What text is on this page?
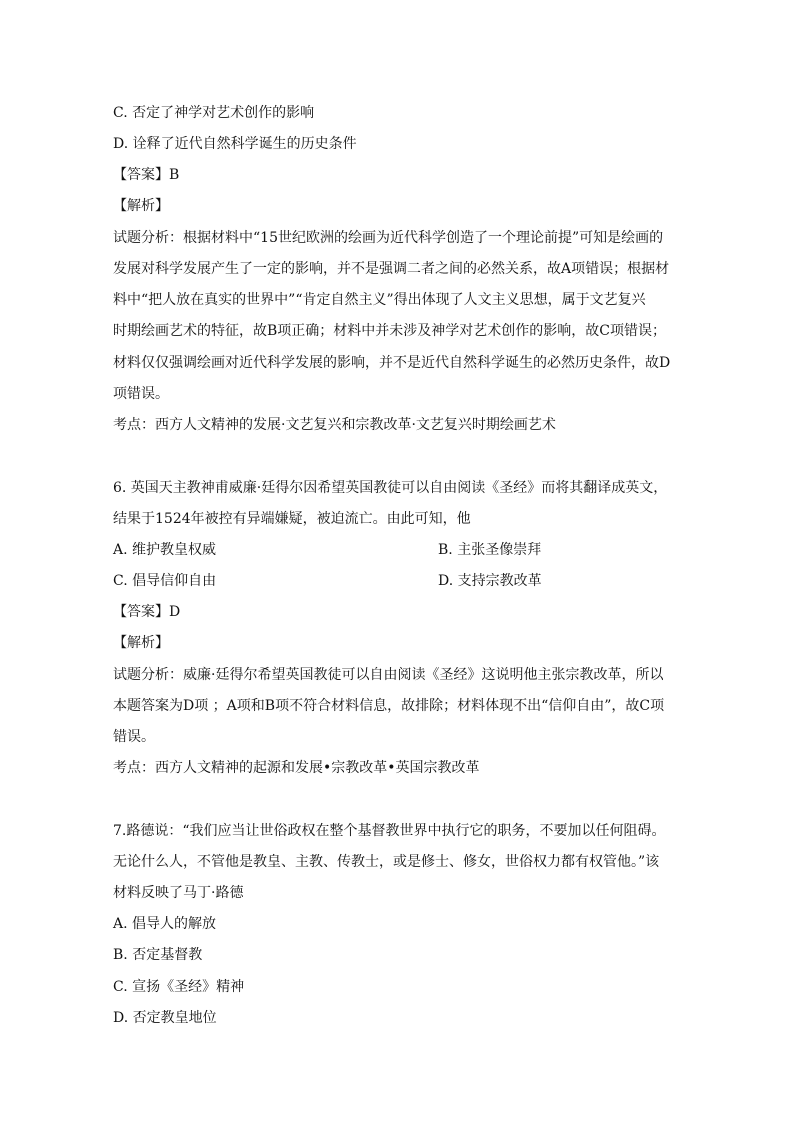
C. 否定了神学对艺术创作的影响
D. 诠释了近代自然科学诞生的历史条件
【答案】B
【解析】
试题分析：根据材料中“15世纪欧洲的绘画为近代科学创造了一个理论前提”可知是绘画的
发展对科学发展产生了一定的影响，并不是强调二者之间的必然关系，故A项错误；根据材
料中“把人放在真实的世界中”“肯定自然主义”得出体现了人文主义思想，属于文艺复兴
时期绘画艺术的特征，故B项正确；材料中并未涉及神学对艺术创作的影响，故C项错误；
材料仅仅强调绘画对近代科学发展的影响，并不是近代自然科学诞生的必然历史条件，故D
项错误。
考点：西方人文精神的发展·文艺复兴和宗教改革·文艺复兴时期绘画艺术
6. 英国天主教神甫威廉·廷得尔因希望英国教徒可以自由阅读《圣经》而将其翻译成英文，
结果于1524年被控有异端嫌疑，被迫流亡。由此可知，他
A. 维护教皇权威	B. 主张圣像崇拜
C. 倡导信仰自由	D. 支持宗教改革
【答案】D
【解析】
试题分析：威廉·廷得尔希望英国教徒可以自由阅读《圣经》这说明他主张宗教改革，所以
本题答案为D项 ；A项和B项不符合材料信息，故排除；材料体现不出“信仰自由”，故C项
错误。
考点：西方人文精神的起源和发展•宗教改革•英国宗教改革
7.路德说：“我们应当让世俗政权在整个基督教世界中执行它的职务，不要加以任何阻碍。
无论什么人，不管他是教皇、主教、传教士，或是修士、修女，世俗权力都有权管他。”该
材料反映了马丁·路德
A. 倡导人的解放
B. 否定基督教
C. 宣扬《圣经》精神
D. 否定教皇地位
